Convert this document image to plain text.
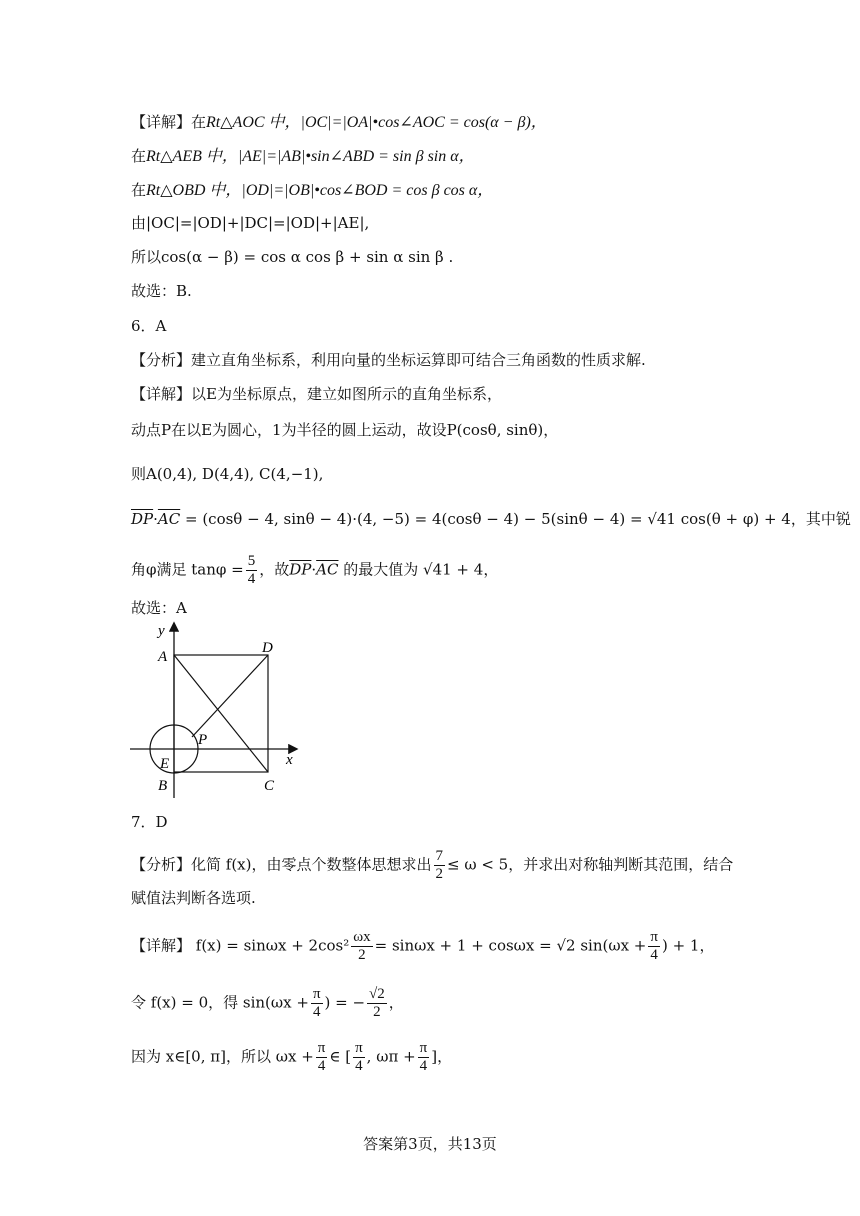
【详解】在Rt△AOC 中，|OC|=|OA|•cos∠AOC = cos(α − β)，
在Rt△AEB 中，|AE|=|AB|•sin∠ABD = sin β sin α，
在Rt△OBD 中，|OD|=|OB|•cos∠BOD = cos β cos α，
由|OC|=|OD|+|DC|=|OD|+|AE|,
所以cos(α − β) = cos α cos β + sin α sin β .
故选：B.
6．A
【分析】建立直角坐标系，利用向量的坐标运算即可结合三角函数的性质求解.
【详解】以E为坐标原点，建立如图所示的直角坐标系，
动点P在以E为圆心，1为半径的圆上运动，故设P(cosθ, sinθ)，
则A(0,4), D(4,4), C(4,−1),
$\overline{DP}\cdot\overline{AC} = (\cos\theta - 4$, sinθ − 4)·(4, −5) = 4(cosθ − 4) − 5(sinθ − 4) = √41 cos(θ + φ) + 4，其中锐
角φ满足 $\tan\varphi = \frac{5}{4}$ ，故$\overline{DP}\cdot\overline{AC}$ 的最大值为 √41 + 4，
故选：A
y
A
D
P
E	x
B	C
7．D
【分析】化简 f(x)，由零点个数整体思想求出 $\frac{7}{2} \le \omega < 5$，并求出对称轴判断其范围，结合
赋值法判断各选项.
【详解】 $f(x) = \sin\omega x + 2\cos^2 \frac{\omega x}{2} = \sin\omega x + 1 + \cos\omega x = √2$ $\sin(\omega x + \frac{\pi}{4}$ ) + 1，
令 f(x) = 0，得 $\sin(\omega x + \frac{\pi}{4}$ ) = − $\frac{√2}{2}$ ，
因为 x∈[0, π]，所以 $\omega x + \frac{\pi}{4}$ ∈ [ $\frac{\pi}{4}$ , $\omega\pi + \frac{\pi}{4}$ ]，
答案第3页，共13页
